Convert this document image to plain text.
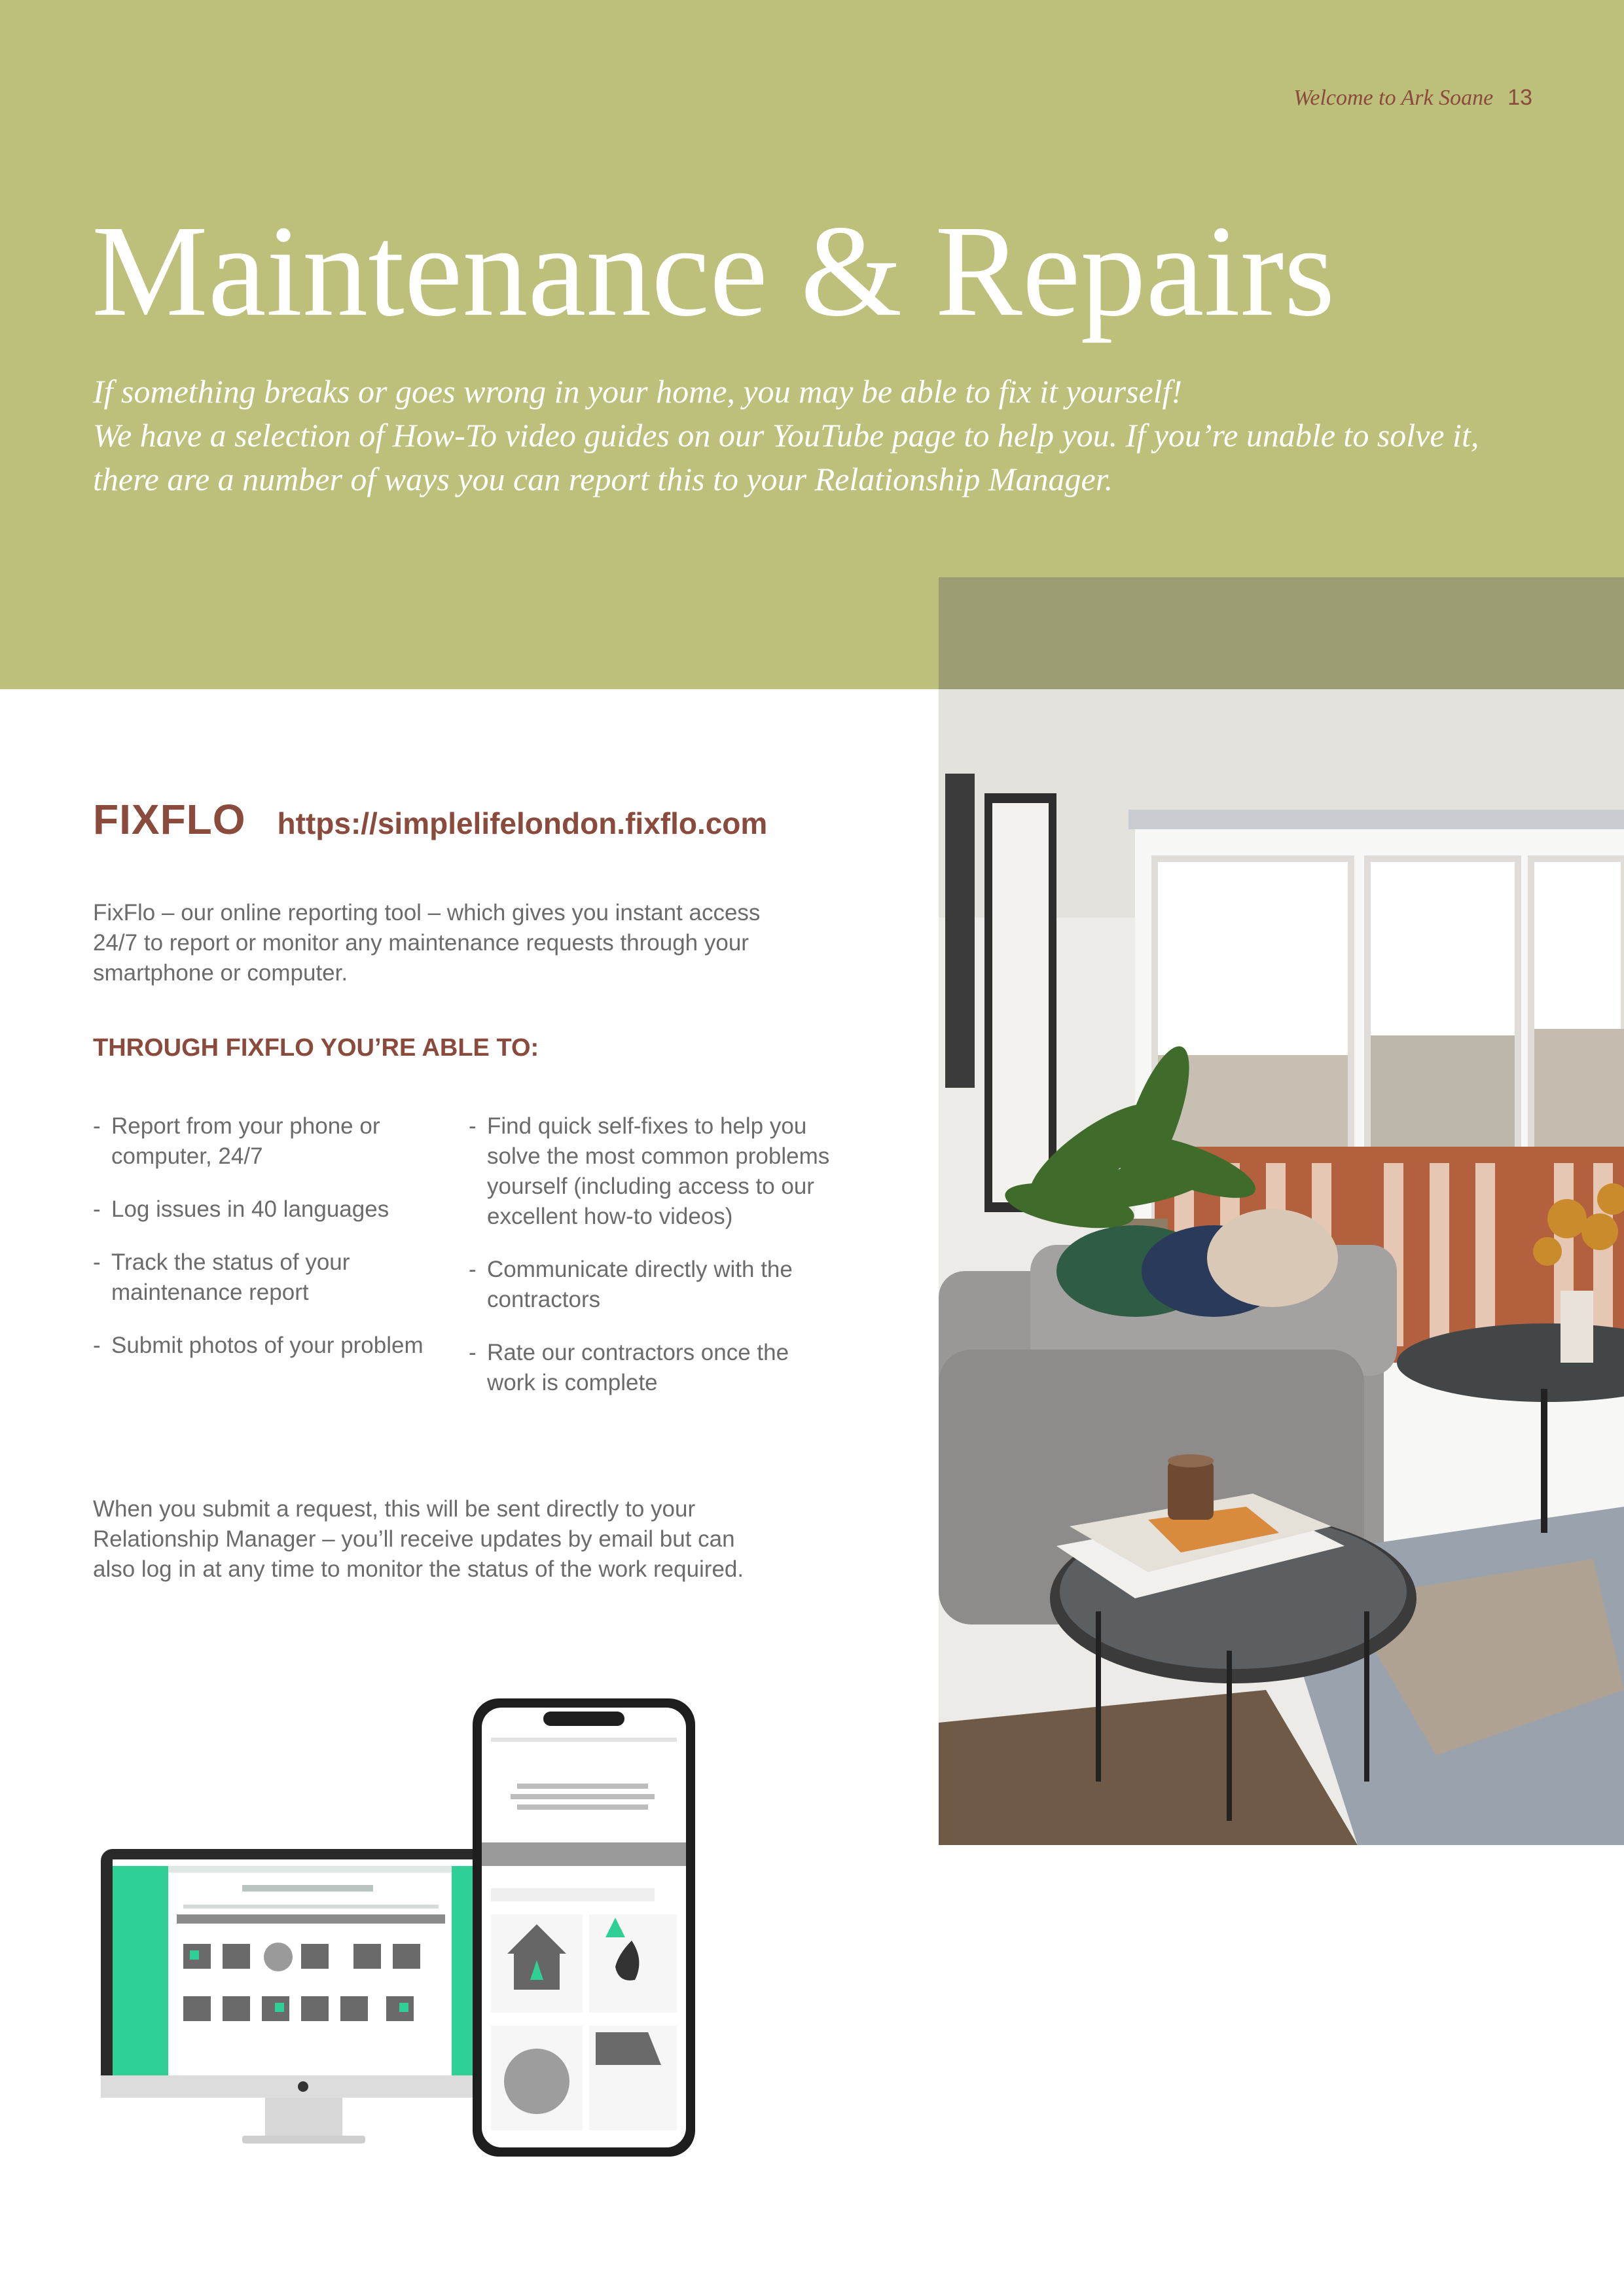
Welcome to Ark Soane 13
Maintenance & Repairs

If something breaks or goes wrong in your home, you may be able to fix it yourself!

We have a selection of How-To video guides on our YouTube page to help you. If you’re unable to solve it,

there are a number of ways you can report this to your Relationship Manager.

FIXFLO https://simplelifelondon.fixflo.com
FixFlo – our online reporting tool – which gives you instant access
24/7 to report or monitor any maintenance requests through your
smartphone or computer.
THROUGH FIXFLO YOU’RE ABLE TO:
- Report from your phone or computer, 24/7
- Log issues in 40 languages
- Track the status of your maintenance report
- Submit photos of your problem
- Find quick self-fixes to help you solve the most common problems yourself (including access to our excellent how-to videos)
- Communicate directly with the contractors
- Rate our contractors once the work is complete
When you submit a request, this will be sent directly to your
Relationship Manager – you’ll receive updates by email but can
also log in at any time to monitor the status of the work required.
